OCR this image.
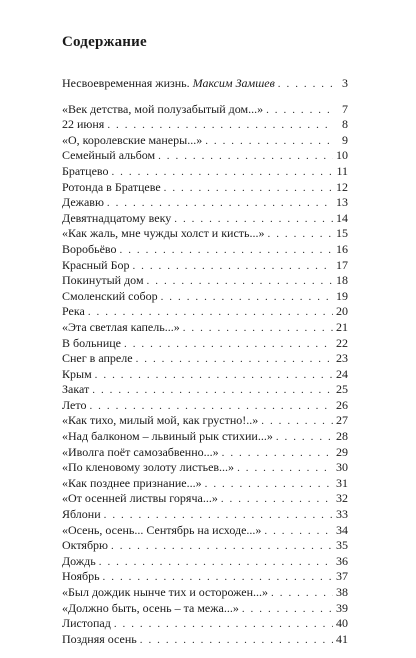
Содержание
Несвоевременная жизнь. Максим Замшев . . .	3
«Век детства, мой полузабытый дом...» . . .	7
22 июня . . .	8
«О, королевские манеры...» . . .	9
Семейный альбом . . .	10
Братцево . . .	11
Ротонда в Братцеве . . .	12
Дежавю . . .	13
Девятнадцатому веку . . .	14
«Как жаль, мне чужды холст и кисть...» . . .	15
Воробьёво . . .	16
Красный Бор . . .	17
Покинутый дом . . .	18
Смоленский собор . . .	19
Река . . .	20
«Эта светлая капель...» . . .	21
В больнице . . .	22
Снег в апреле . . .	23
Крым . . .	24
Закат . . .	25
Лето . . .	26
«Как тихо, милый мой, как грустно!..» . . .	27
«Над балконом – львиный рык стихии...» . . .	28
«Иволга поёт самозабвенно...» . . .	29
«По кленовому золоту листьев...» . . .	30
«Как позднее признание...» . . .	31
«От осенней листвы горяча...» . . .	32
Яблони . . .	33
«Осень, осень... Сентябрь на исходе...» . . .	34
Октябрю . . .	35
Дождь . . .	36
Ноябрь . . .	37
«Был дождик нынче тих и осторожен...» . . .	38
«Должно быть, осень – та межа...» . . .	39
Листопад . . .	40
Поздняя осень . . .	41
